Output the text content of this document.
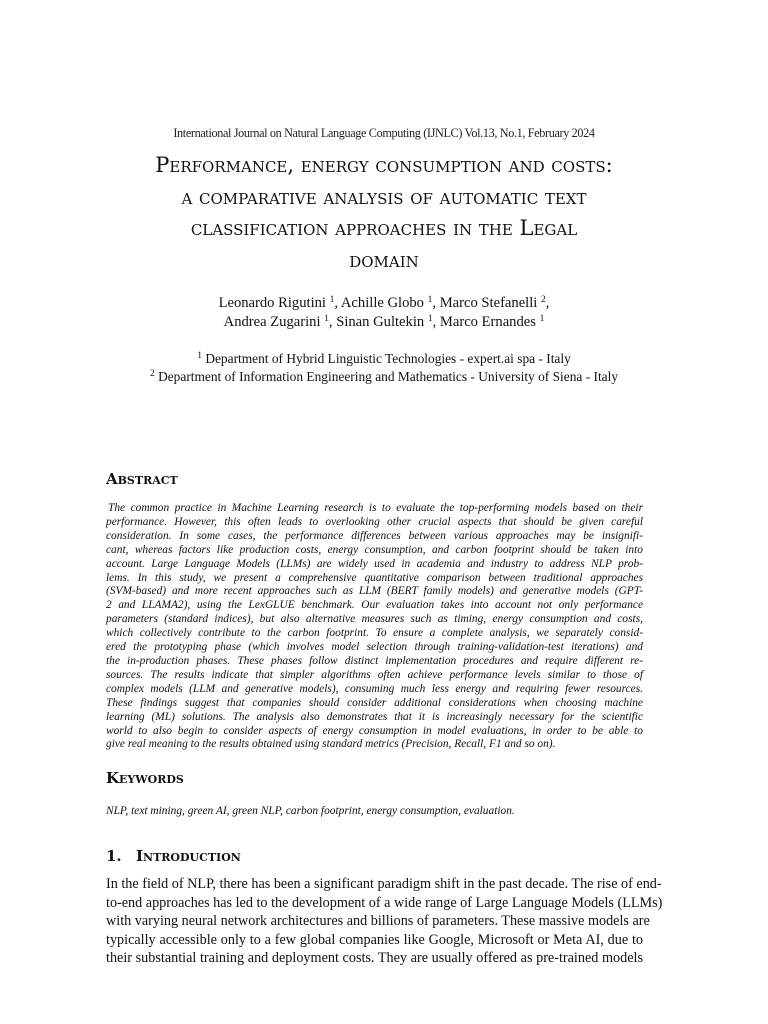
International Journal on Natural Language Computing (IJNLC) Vol.13, No.1, February 2024
Performance, energy consumption and costs:
a comparative analysis of automatic text
classification approaches in the Legal
domain
Leonardo Rigutini $^1$, Achille Globo $^1$, Marco Stefanelli $^2$,
Andrea Zugarini $^1$, Sinan Gultekin $^1$, Marco Ernandes $^1$
$^1$ Department of Hybrid Linguistic Technologies - expert.ai spa - Italy
$^2$ Department of Information Engineering and Mathematics - University of Siena - Italy
Abstract
The common practice in Machine Learning research is to evaluate the top-performing models based on their
performance. However, this often leads to overlooking other crucial aspects that should be given careful
consideration. In some cases, the performance differences between various approaches may be insignifi-
cant, whereas factors like production costs, energy consumption, and carbon footprint should be taken into
account. Large Language Models (LLMs) are widely used in academia and industry to address NLP prob-
lems. In this study, we present a comprehensive quantitative comparison between traditional approaches
(SVM-based) and more recent approaches such as LLM (BERT family models) and generative models (GPT-
2 and LLAMA2), using the LexGLUE benchmark. Our evaluation takes into account not only performance
parameters (standard indices), but also alternative measures such as timing, energy consumption and costs,
which collectively contribute to the carbon footprint. To ensure a complete analysis, we separately consid-
ered the prototyping phase (which involves model selection through training-validation-test iterations) and
the in-production phases. These phases follow distinct implementation procedures and require different re-
sources. The results indicate that simpler algorithms often achieve performance levels similar to those of
complex models (LLM and generative models), consuming much less energy and requiring fewer resources.
These findings suggest that companies should consider additional considerations when choosing machine
learning (ML) solutions. The analysis also demonstrates that it is increasingly necessary for the scientific
world to also begin to consider aspects of energy consumption in model evaluations, in order to be able to
give real meaning to the results obtained using standard metrics (Precision, Recall, F1 and so on).
Keywords
NLP, text mining, green AI, green NLP, carbon footprint, energy consumption, evaluation.
1. Introduction
In the field of NLP, there has been a significant paradigm shift in the past decade. The rise of end-
to-end approaches has led to the development of a wide range of Large Language Models (LLMs)
with varying neural network architectures and billions of parameters. These massive models are
typically accessible only to a few global companies like Google, Microsoft or Meta AI, due to
their substantial training and deployment costs. They are usually offered as pre-trained models
